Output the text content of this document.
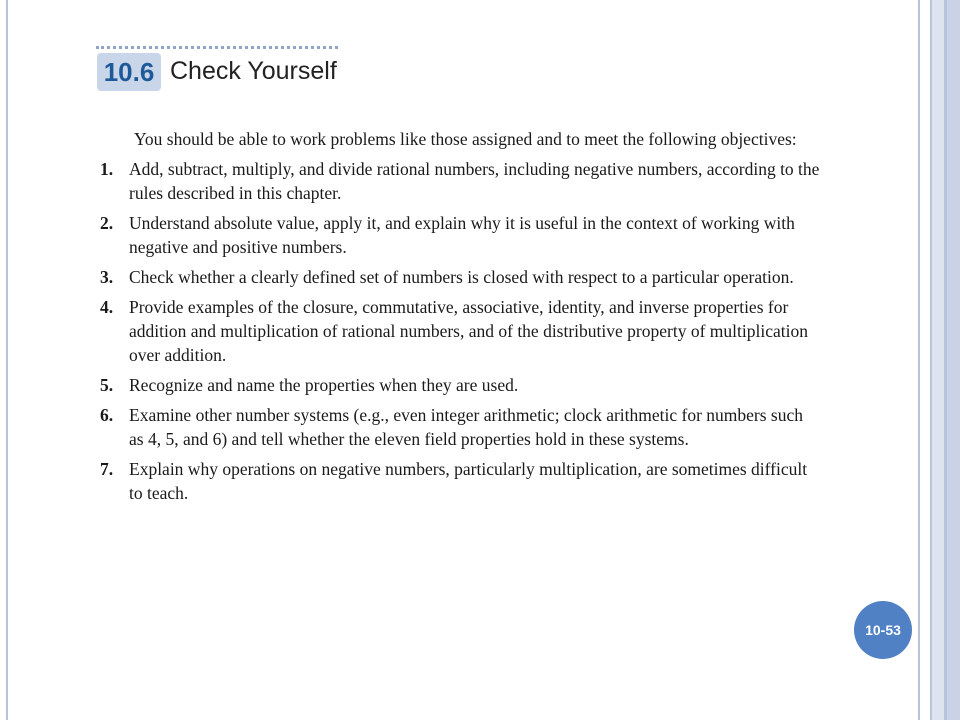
10.6 Check Yourself

You should be able to work problems like those assigned and to meet the following objectives:

1. Add, subtract, multiply, and divide rational numbers, including negative numbers, according to the rules described in this chapter.
2. Understand absolute value, apply it, and explain why it is useful in the context of working with negative and positive numbers.
3. Check whether a clearly defined set of numbers is closed with respect to a particular operation.
4. Provide examples of the closure, commutative, associative, identity, and inverse properties for addition and multiplication of rational numbers, and of the distributive property of multiplication over addition.
5. Recognize and name the properties when they are used.
6. Examine other number systems (e.g., even integer arithmetic; clock arithmetic for numbers such as 4, 5, and 6) and tell whether the eleven field properties hold in these systems.
7. Explain why operations on negative numbers, particularly multiplication, are sometimes difficult to teach.
10-53
